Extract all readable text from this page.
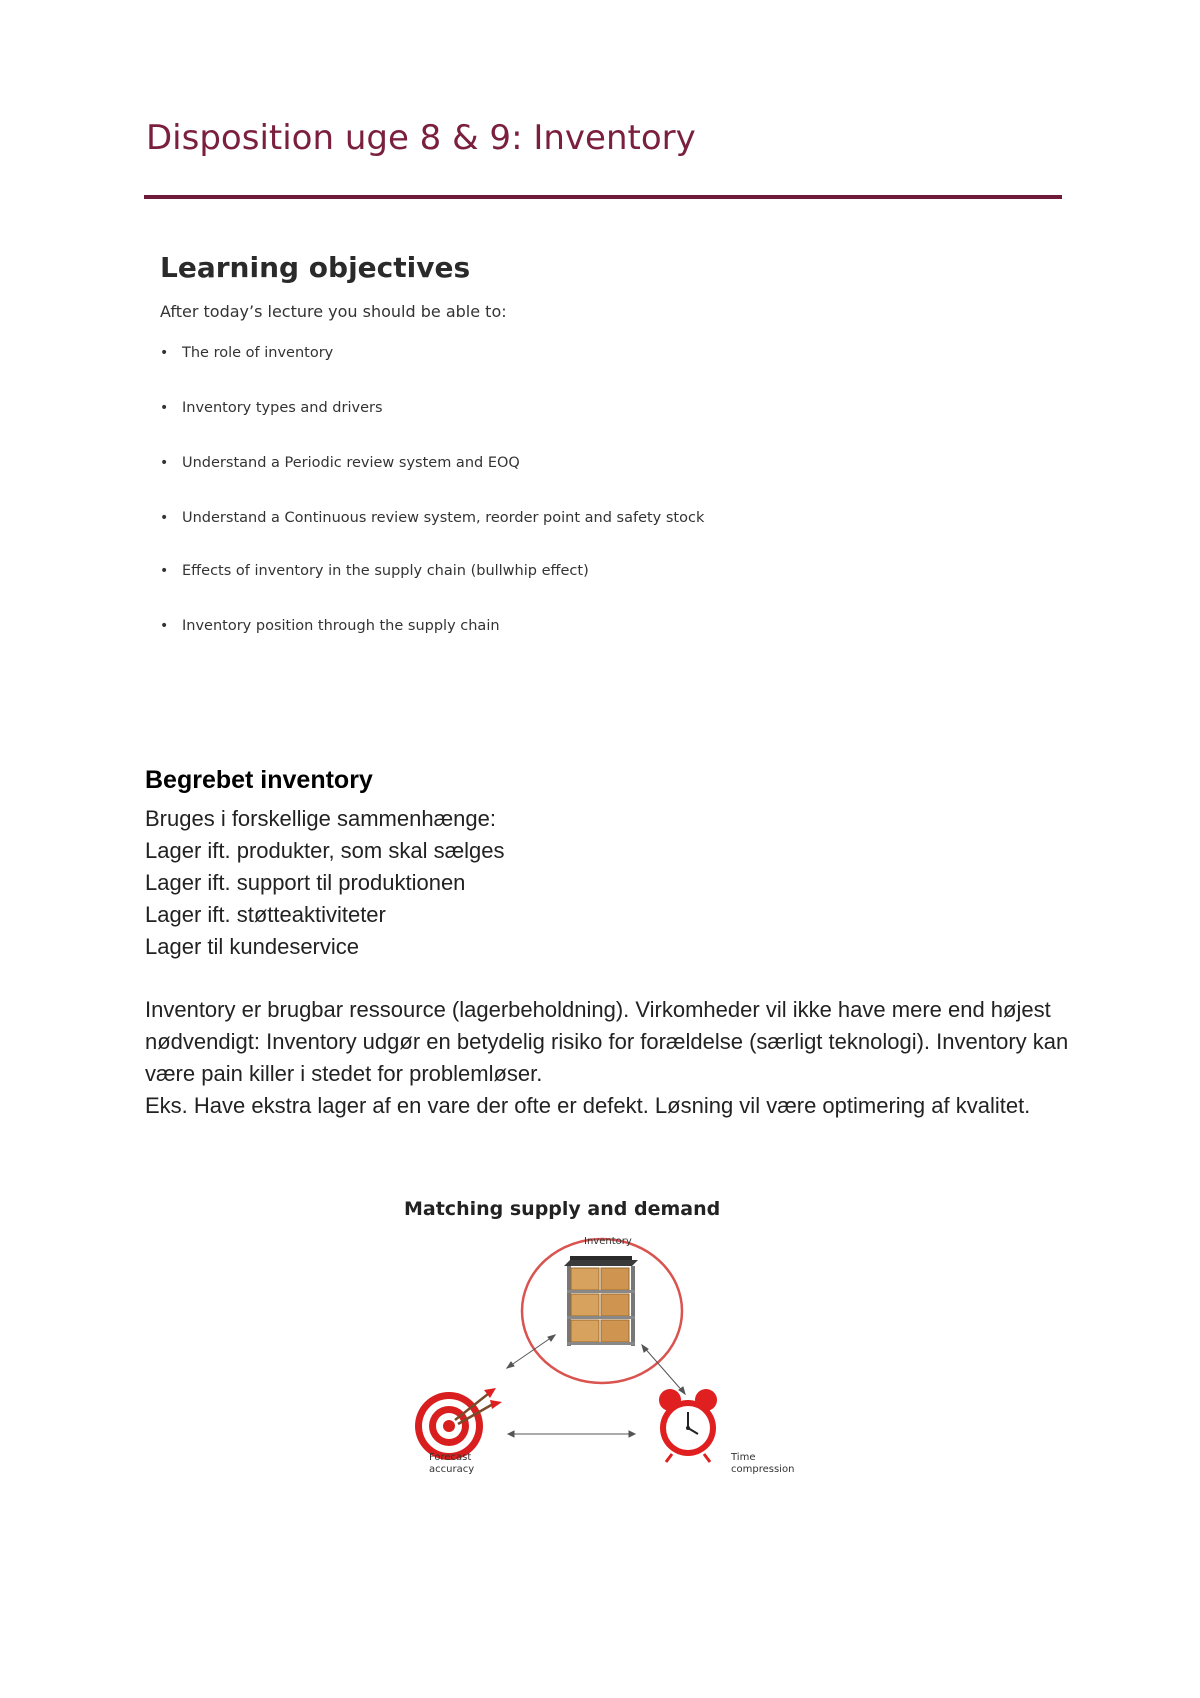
Disposition uge 8 & 9: Inventory
Learning objectives
After today’s lecture you should be able to:
• The role of inventory
• Inventory types and drivers
• Understand a Periodic review system and EOQ
• Understand a Continuous review system, reorder point and safety stock
• Effects of inventory in the supply chain (bullwhip effect)
• Inventory position through the supply chain
Begrebet inventory
Bruges i forskellige sammenhænge:
Lager ift. produkter, som skal sælges
Lager ift. support til produktionen
Lager ift. støtteaktiviteter
Lager til kundeservice
Inventory er brugbar ressource (lagerbeholdning). Virkomheder vil ikke have mere end højest nødvendigt: Inventory udgør en betydelig risiko for forældelse (særligt teknologi). Inventory kan være pain killer i stedet for problemløser.
Eks. Have ekstra lager af en vare der ofte er defekt. Løsning vil være optimering af kvalitet.
Matching supply and demand
Inventory
Forecast
accuracy
Time
compression
